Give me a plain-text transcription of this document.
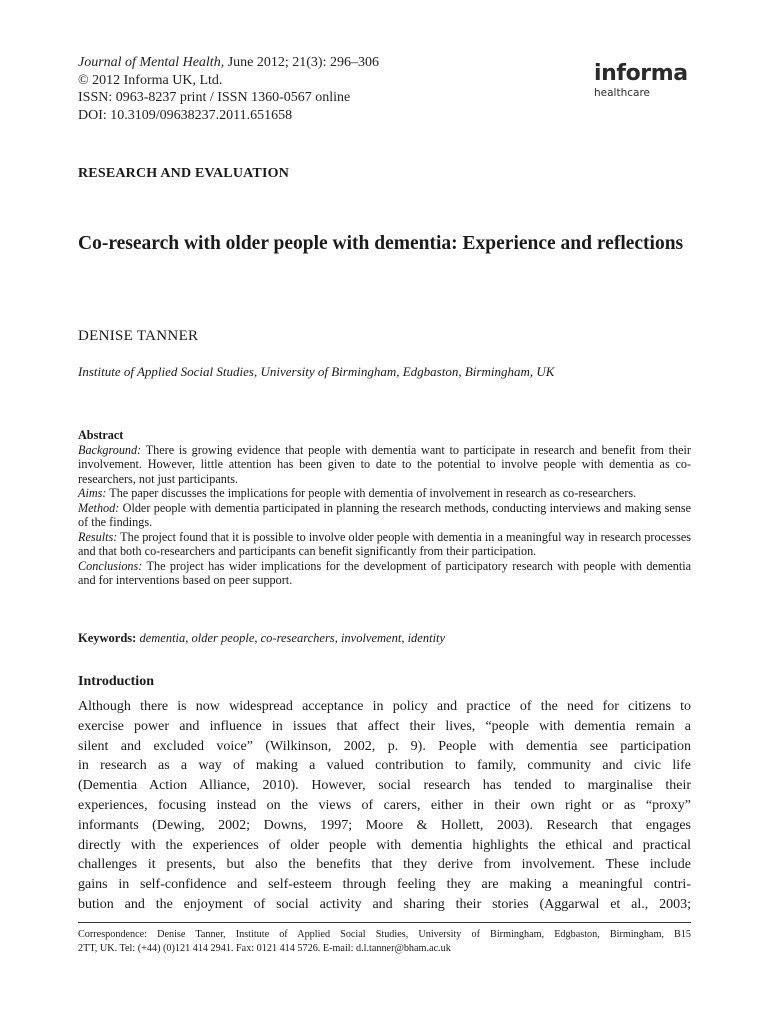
Journal of Mental Health, June 2012; 21(3): 296–306
© 2012 Informa UK, Ltd.
ISSN: 0963-8237 print / ISSN 1360-0567 online
DOI: 10.3109/09638237.2011.651658
informa
healthcare
RESEARCH AND EVALUATION
Co-research with older people with dementia: Experience and reflections
DENISE TANNER
Institute of Applied Social Studies, University of Birmingham, Edgbaston, Birmingham, UK
Abstract
Background: There is growing evidence that people with dementia want to participate in research and benefit from their involvement. However, little attention has been given to date to the potential to involve people with dementia as co-researchers, not just participants.
Aims: The paper discusses the implications for people with dementia of involvement in research as co-researchers.
Method: Older people with dementia participated in planning the research methods, conducting interviews and making sense of the findings.
Results: The project found that it is possible to involve older people with dementia in a meaningful way in research processes and that both co-researchers and participants can benefit significantly from their participation.
Conclusions: The project has wider implications for the development of participatory research with people with dementia and for interventions based on peer support.
Keywords: dementia, older people, co-researchers, involvement, identity
Introduction
Although there is now widespread acceptance in policy and practice of the need for citizens to
exercise power and influence in issues that affect their lives, “people with dementia remain a
silent and excluded voice” (Wilkinson, 2002, p. 9). People with dementia see participation
in research as a way of making a valued contribution to family, community and civic life
(Dementia Action Alliance, 2010). However, social research has tended to marginalise their
experiences, focusing instead on the views of carers, either in their own right or as “proxy”
informants (Dewing, 2002; Downs, 1997; Moore & Hollett, 2003). Research that engages
directly with the experiences of older people with dementia highlights the ethical and practical
challenges it presents, but also the benefits that they derive from involvement. These include
gains in self-confidence and self-esteem through feeling they are making a meaningful contri-
bution and the enjoyment of social activity and sharing their stories (Aggarwal et al., 2003;
Correspondence: Denise Tanner, Institute of Applied Social Studies, University of Birmingham, Edgbaston, Birmingham, B15
2TT, UK. Tel: (+44) (0)121 414 2941. Fax: 0121 414 5726. E-mail: d.l.tanner@bham.ac.uk
